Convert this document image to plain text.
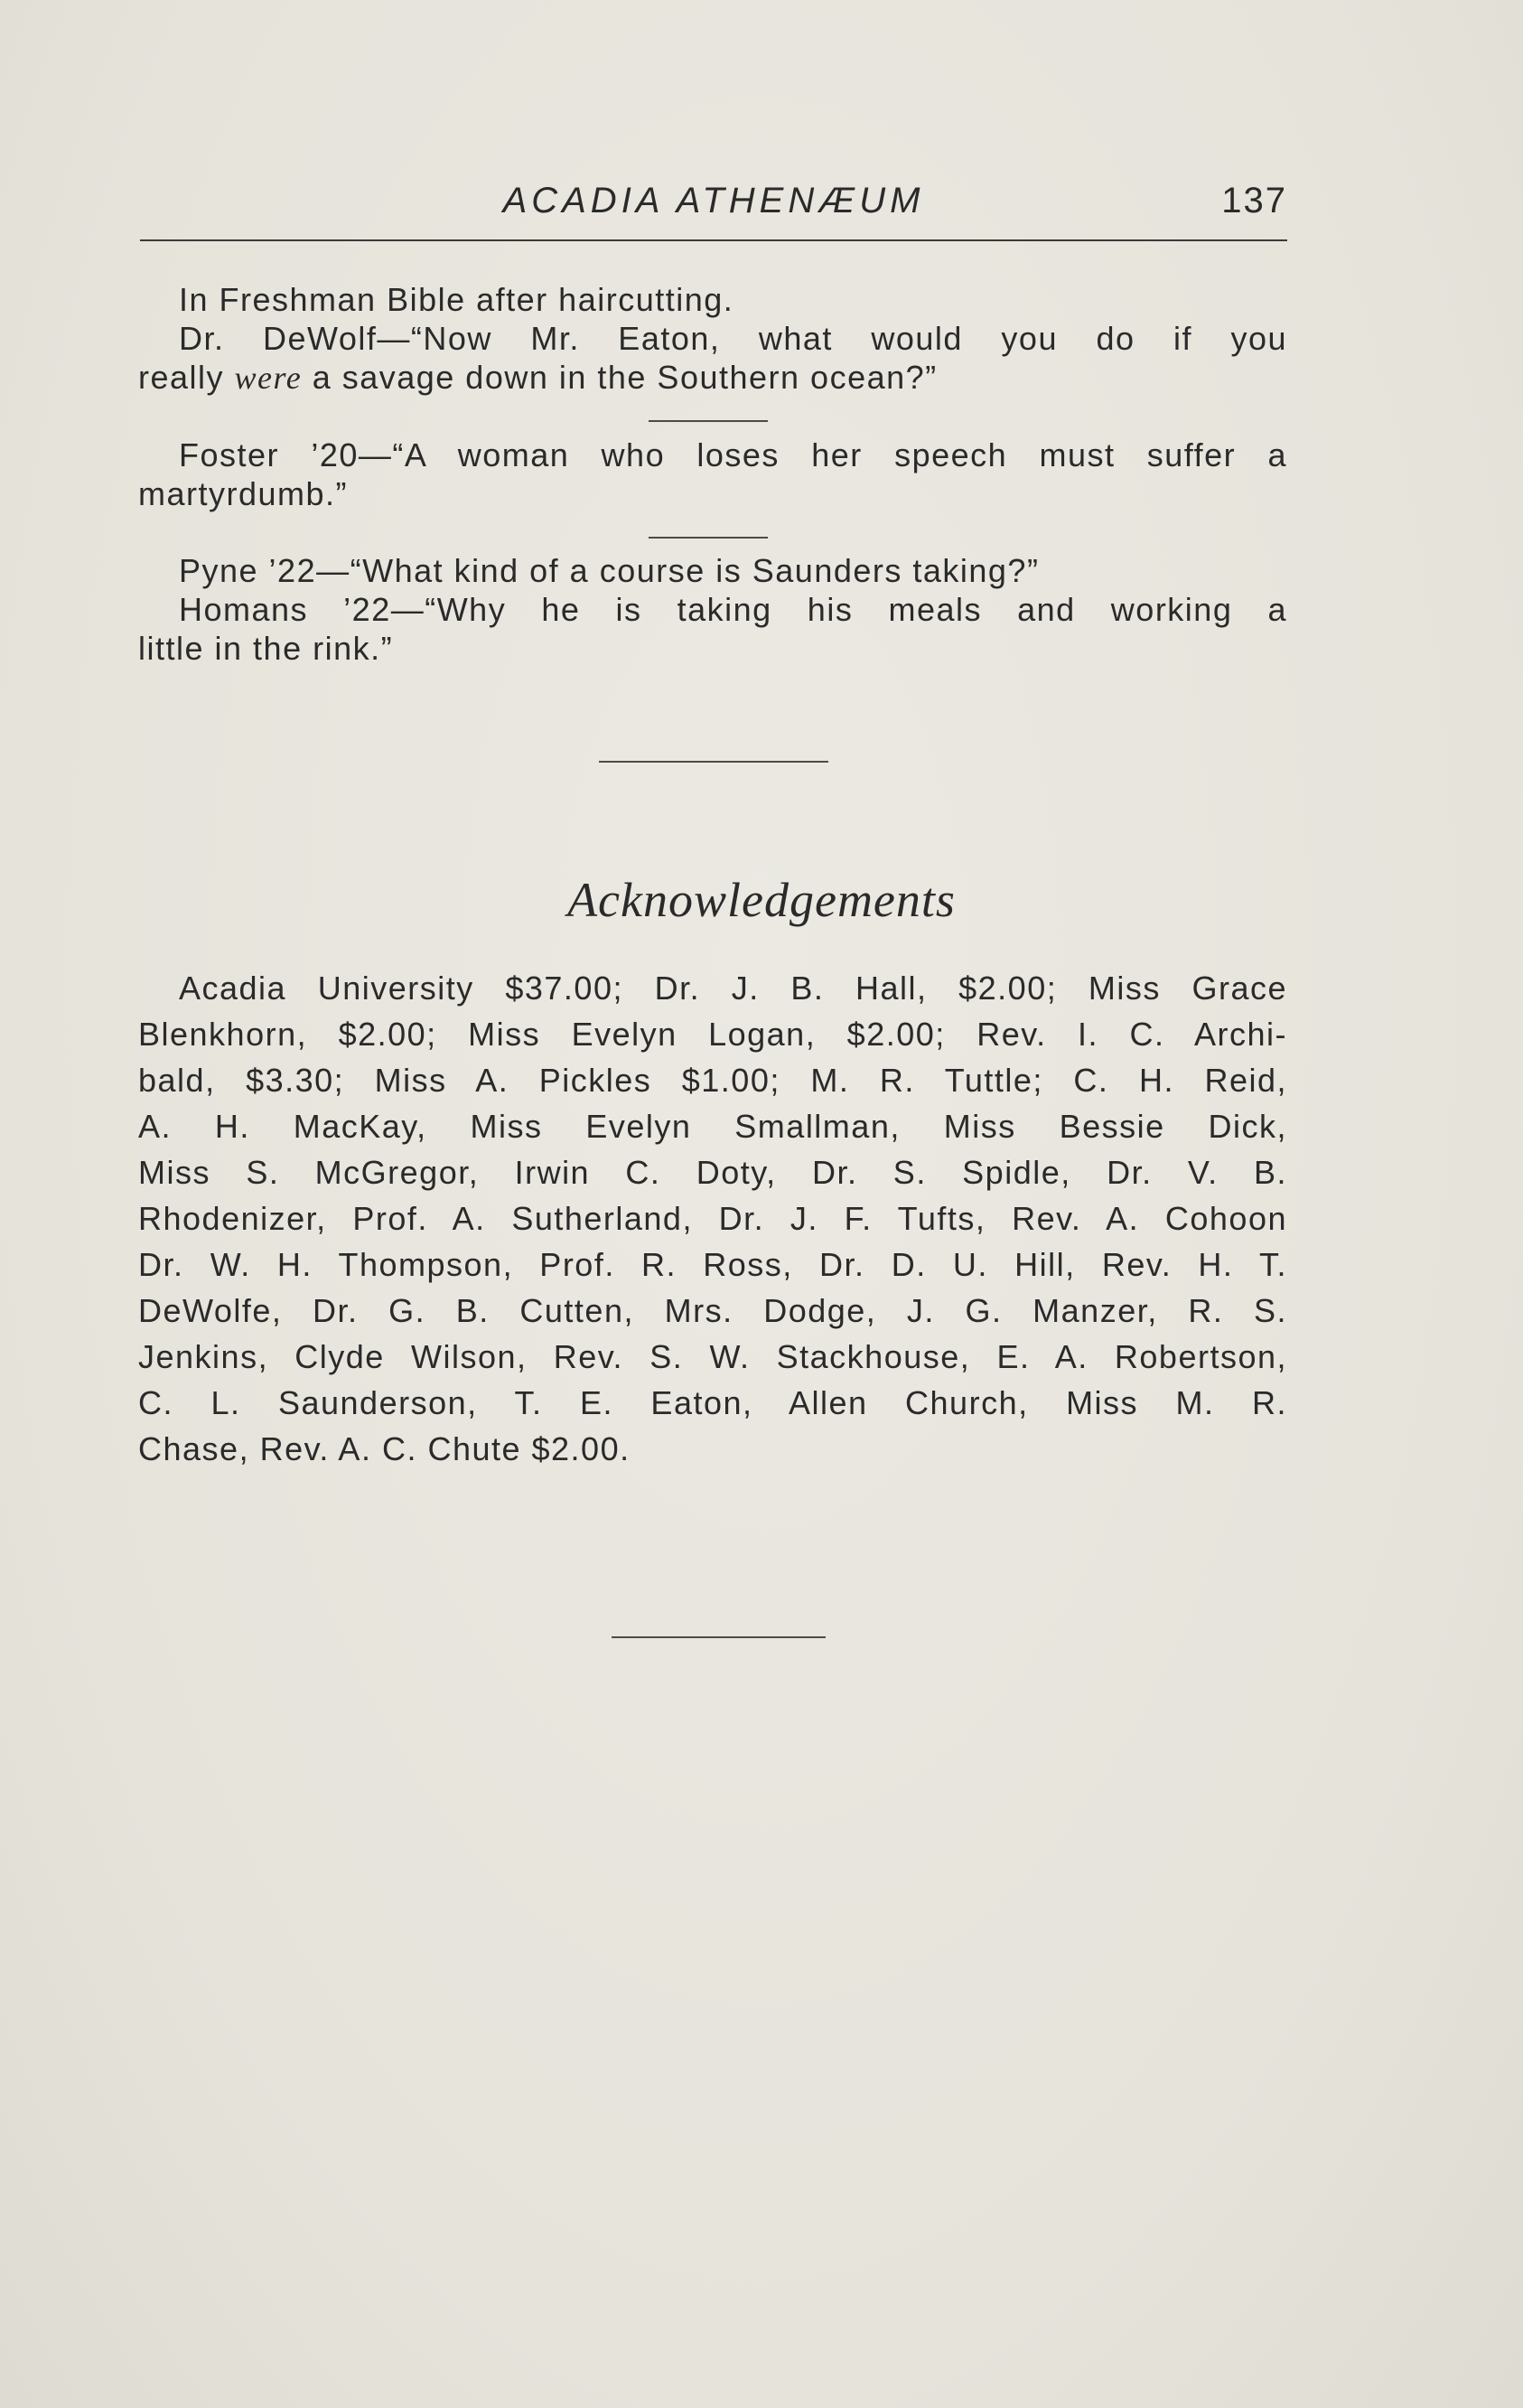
ACADIA ATHENÆUM	137
In Freshman Bible after haircutting.
Dr. DeWolf—“Now Mr. Eaton, what would you do if you
really were a savage down in the Southern ocean?”
Foster ’20—“A woman who loses her speech must suffer a
martyrdumb.”
Pyne ’22—“What kind of a course is Saunders taking?”
Homans ’22—“Why he is taking his meals and working a
little in the rink.”
Acknowledgements
Acadia University $37.00; Dr. J. B. Hall, $2.00; Miss Grace
Blenkhorn, $2.00; Miss Evelyn Logan, $2.00; Rev. I. C. Archi-
bald, $3.30; Miss A. Pickles $1.00; M. R. Tuttle; C. H. Reid,
A. H. MacKay, Miss Evelyn Smallman, Miss Bessie Dick,
Miss S. McGregor, Irwin C. Doty, Dr. S. Spidle, Dr. V. B.
Rhodenizer, Prof. A. Sutherland, Dr. J. F. Tufts, Rev. A. Cohoon
Dr. W. H. Thompson, Prof. R. Ross, Dr. D. U. Hill, Rev. H. T.
DeWolfe, Dr. G. B. Cutten, Mrs. Dodge, J. G. Manzer, R. S.
Jenkins, Clyde Wilson, Rev. S. W. Stackhouse, E. A. Robertson,
C. L. Saunderson, T. E. Eaton, Allen Church, Miss M. R.
Chase, Rev. A. C. Chute $2.00.
